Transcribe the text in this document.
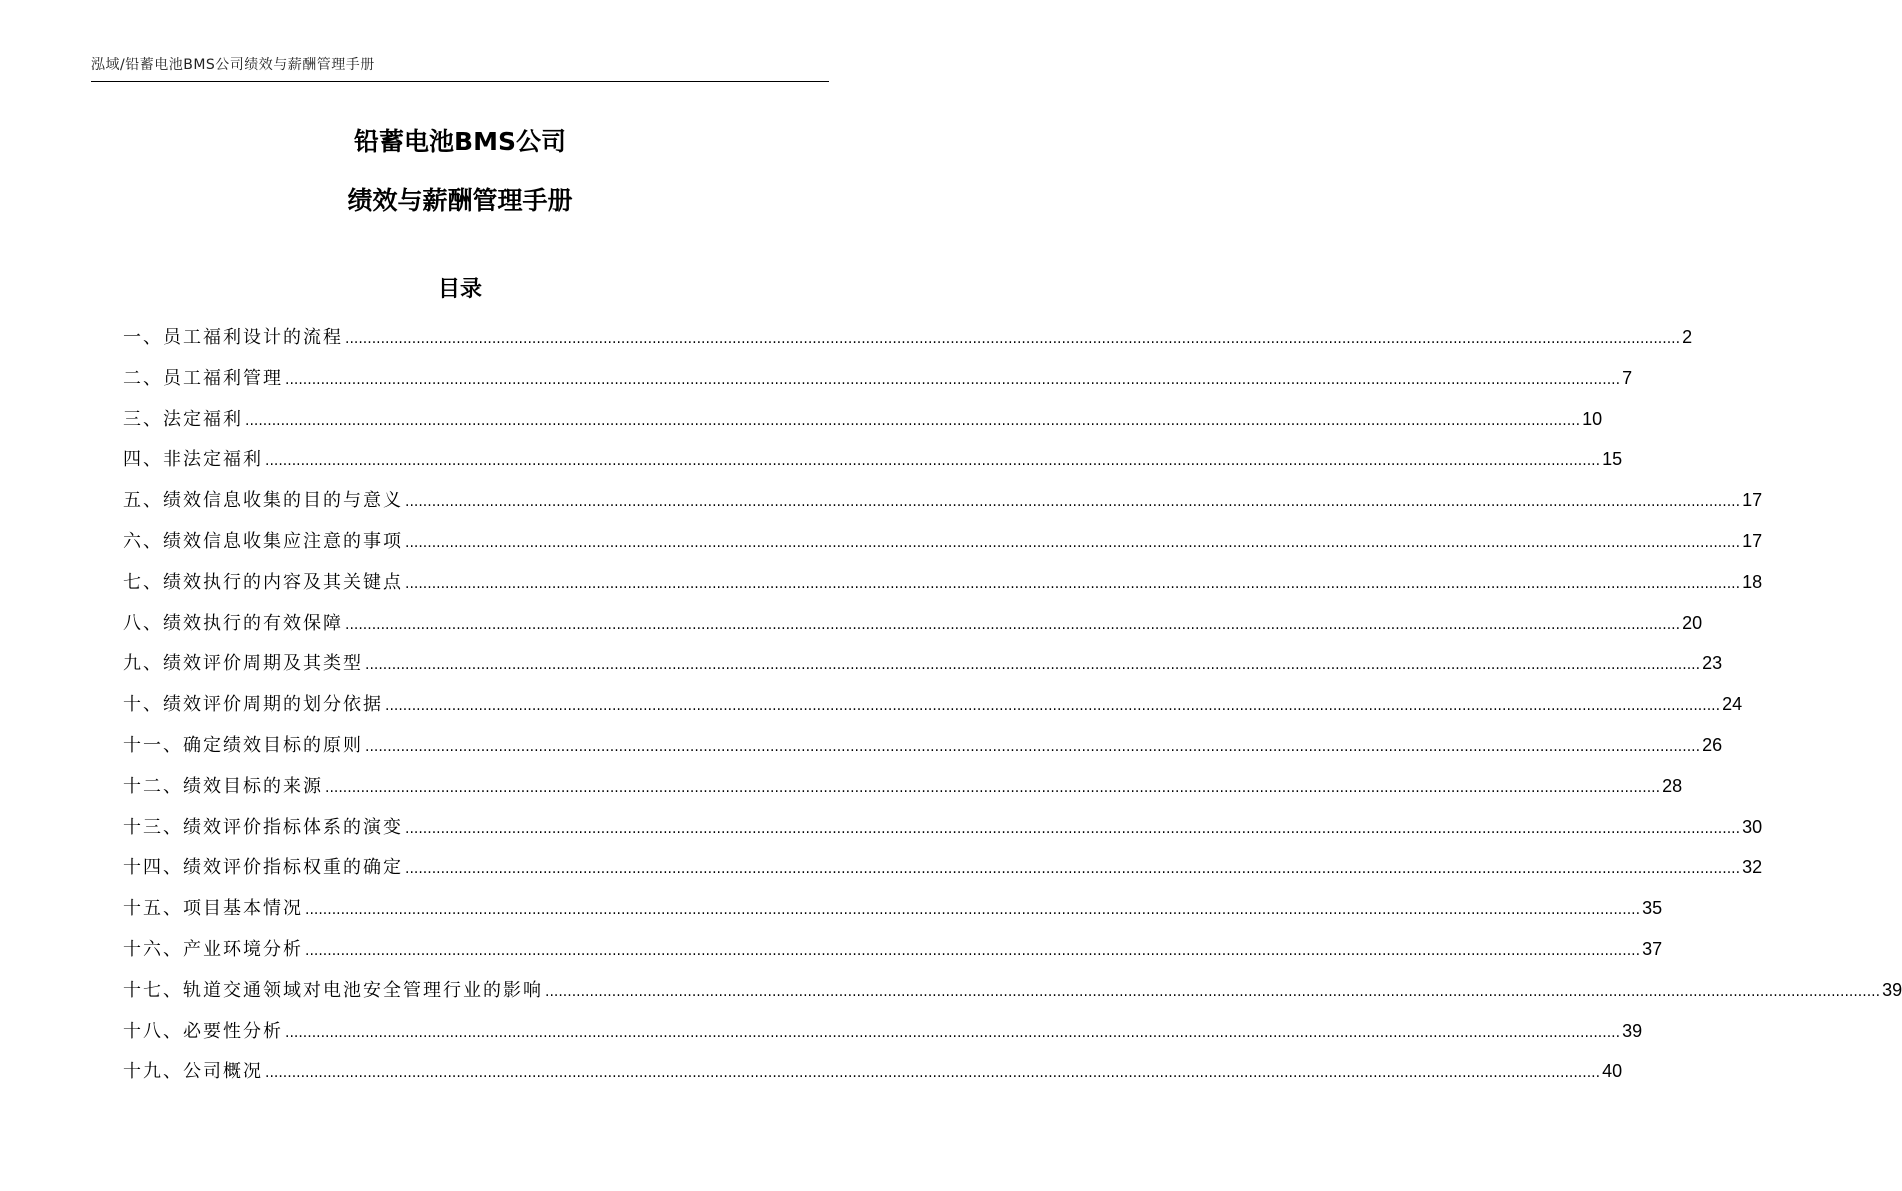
泓域/铅蓄电池BMS公司绩效与薪酬管理手册
铅蓄电池BMS公司
绩效与薪酬管理手册
目录
一、 员工福利设计的流程 ............................................................................................................................................................................................................................................................................................................ 2
二、 员工福利管理 ............................................................................................................................................................................................................................................................................................................ 7
三、 法定福利 ............................................................................................................................................................................................................................................................................................................ 10
四、 非法定福利 ............................................................................................................................................................................................................................................................................................................ 15
五、 绩效信息收集的目的与意义 ............................................................................................................................................................................................................................................................................................................ 17
六、 绩效信息收集应注意的事项 ............................................................................................................................................................................................................................................................................................................ 17
七、 绩效执行的内容及其关键点 ............................................................................................................................................................................................................................................................................................................ 18
八、 绩效执行的有效保障 ............................................................................................................................................................................................................................................................................................................ 20
九、 绩效评价周期及其类型 ............................................................................................................................................................................................................................................................................................................ 23
十、 绩效评价周期的划分依据 ............................................................................................................................................................................................................................................................................................................ 24
十一、 确定绩效目标的原则 ............................................................................................................................................................................................................................................................................................................ 26
十二、 绩效目标的来源 ............................................................................................................................................................................................................................................................................................................ 28
十三、 绩效评价指标体系的演变 ............................................................................................................................................................................................................................................................................................................ 30
十四、 绩效评价指标权重的确定 ............................................................................................................................................................................................................................................................................................................ 32
十五、 项目基本情况 ............................................................................................................................................................................................................................................................................................................ 35
十六、 产业环境分析 ............................................................................................................................................................................................................................................................................................................ 37
十七、 轨道交通领域对电池安全管理行业的影响 ............................................................................................................................................................................................................................................................................................................ 39
十八、 必要性分析 ............................................................................................................................................................................................................................................................................................................ 39
十九、 公司概况 ............................................................................................................................................................................................................................................................................................................ 40
